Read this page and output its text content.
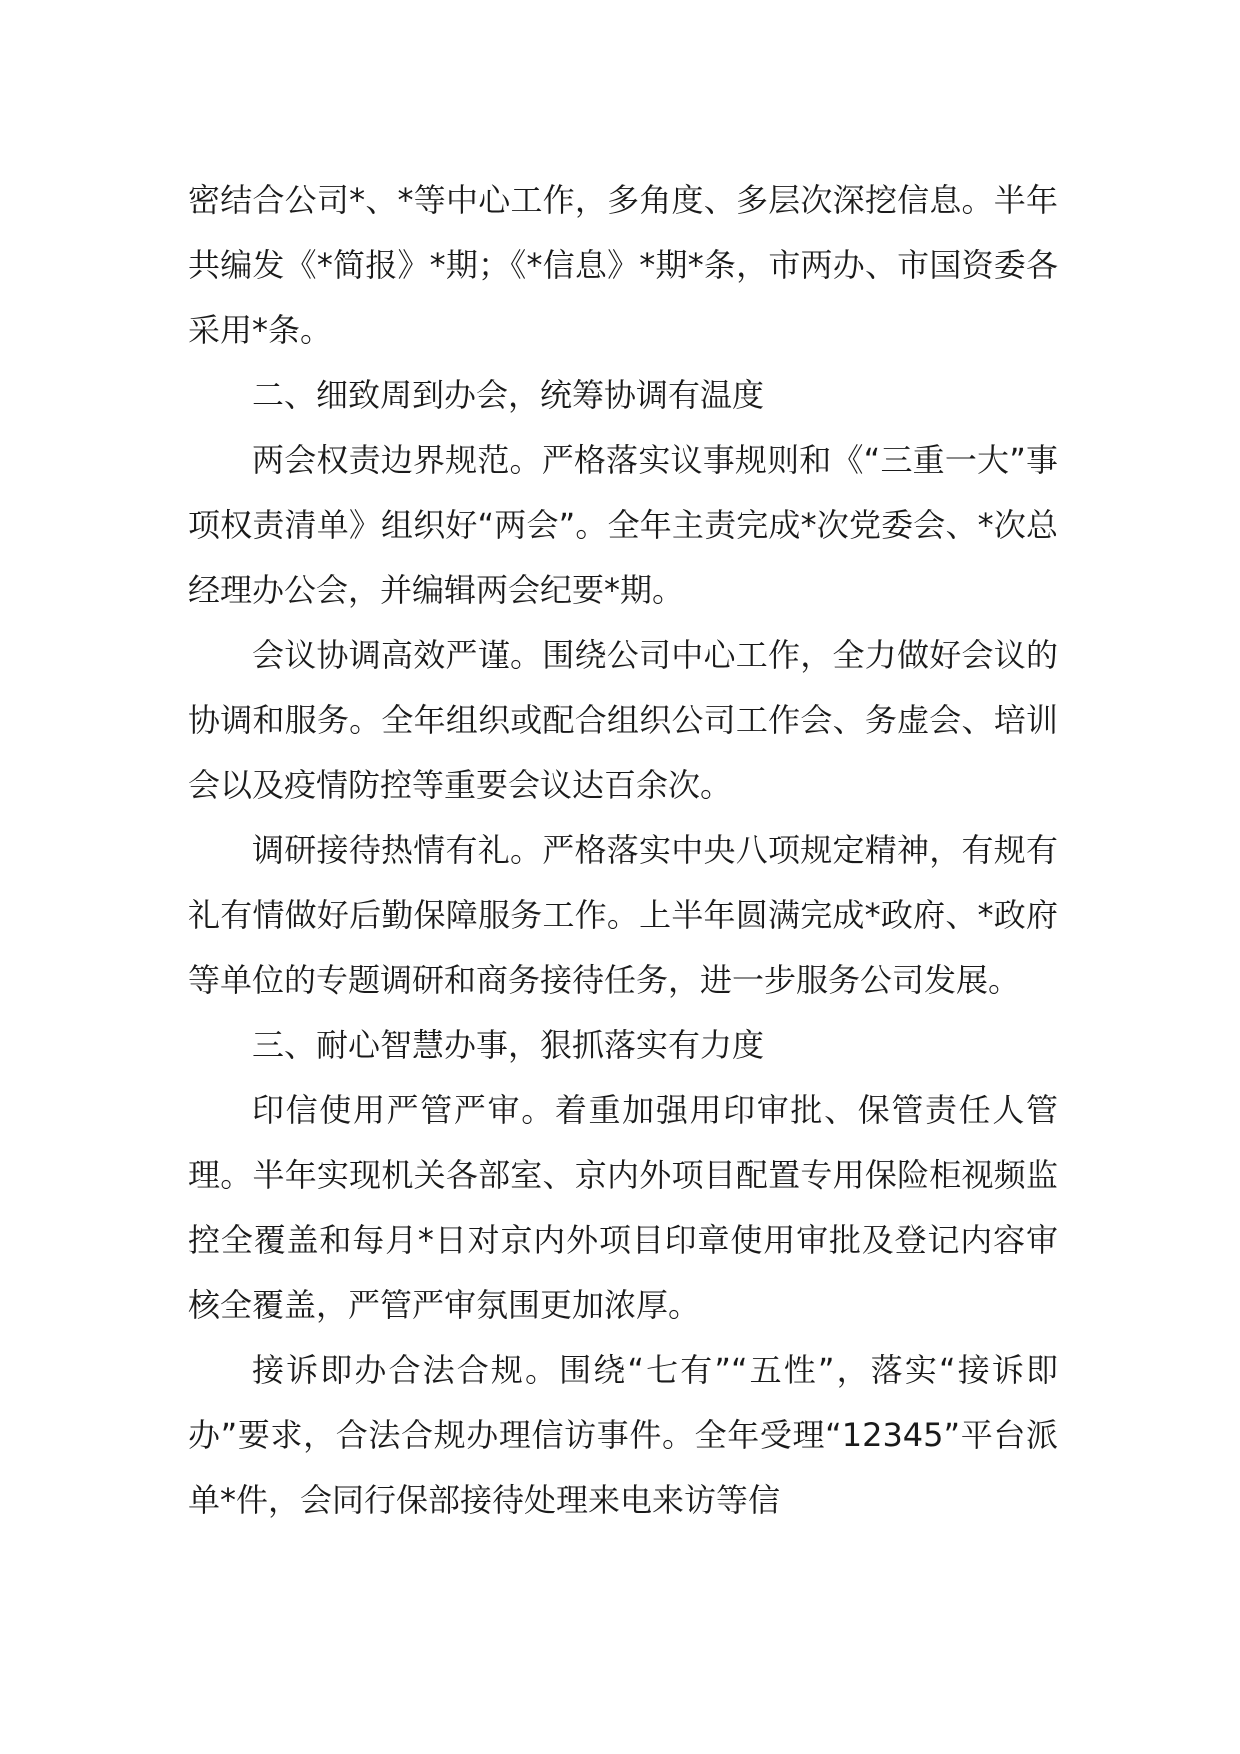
密结合公司*、*等中心工作，多角度、多层次深挖信息。半年共编发《*简报》*期；《*信息》*期*条，市两办、市国资委各采用*条。

二、细致周到办会，统筹协调有温度

两会权责边界规范。严格落实议事规则和《“三重一大”事项权责清单》组织好“两会”。全年主责完成*次党委会、*次总经理办公会，并编辑两会纪要*期。

会议协调高效严谨。围绕公司中心工作，全力做好会议的协调和服务。全年组织或配合组织公司工作会、务虚会、培训会以及疫情防控等重要会议达百余次。

调研接待热情有礼。严格落实中央八项规定精神，有规有礼有情做好后勤保障服务工作。上半年圆满完成*政府、*政府等单位的专题调研和商务接待任务，进一步服务公司发展。

三、耐心智慧办事，狠抓落实有力度

印信使用严管严审。着重加强用印审批、保管责任人管理。半年实现机关各部室、京内外项目配置专用保险柜视频监控全覆盖和每月*日对京内外项目印章使用审批及登记内容审核全覆盖，严管严审氛围更加浓厚。

接诉即办合法合规。围绕“七有”“五性”，落实“接诉即办”要求，合法合规办理信访事件。全年受理“12345”平台派单*件，会同行保部接待处理来电来访等信
